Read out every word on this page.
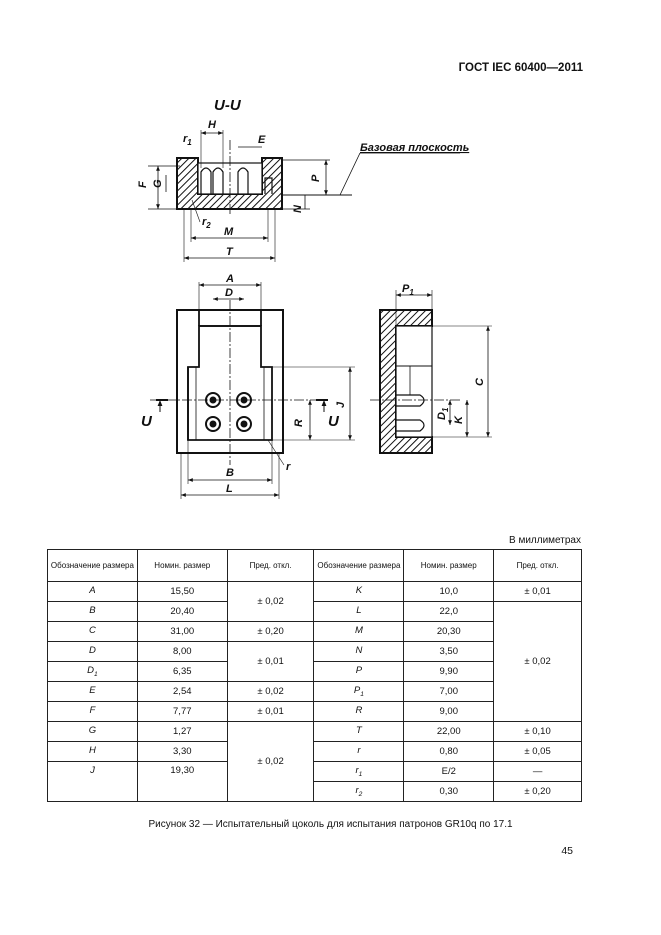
ГОСТ IEC 60400—2011
U-U
$r_1$
H
E
F G
P
N
$r_2$
M
T
Базовая плоскость
A
D
U	U
R
J
B
L
r
$P_1$
C
K
$D_1$
В миллиметрах
Обозначение размера	Номин. размер	Пред. откл.	Обозначение размера	Номин. размер	Пред. откл.
A	15,50	± 0,02	K	10,0	± 0,01
B	20,40		L	22,0	± 0,02
C	31,00	± 0,20	M	20,30	
D	8,00	± 0,01	N	3,50	
$D_1$	6,35		P	9,90	
E	2,54	± 0,02	$P_1$	7,00	
F	7,77	± 0,01	R	9,00	
G	1,27	± 0,02	T	22,00	± 0,10
H	3,30		r	0,80	± 0,05
J	19,30		$r_1$	E/2	—
			$r_2$	0,30	± 0,20
Рисунок 32 — Испытательный цоколь для испытания патронов GR10q по 17.1
45
